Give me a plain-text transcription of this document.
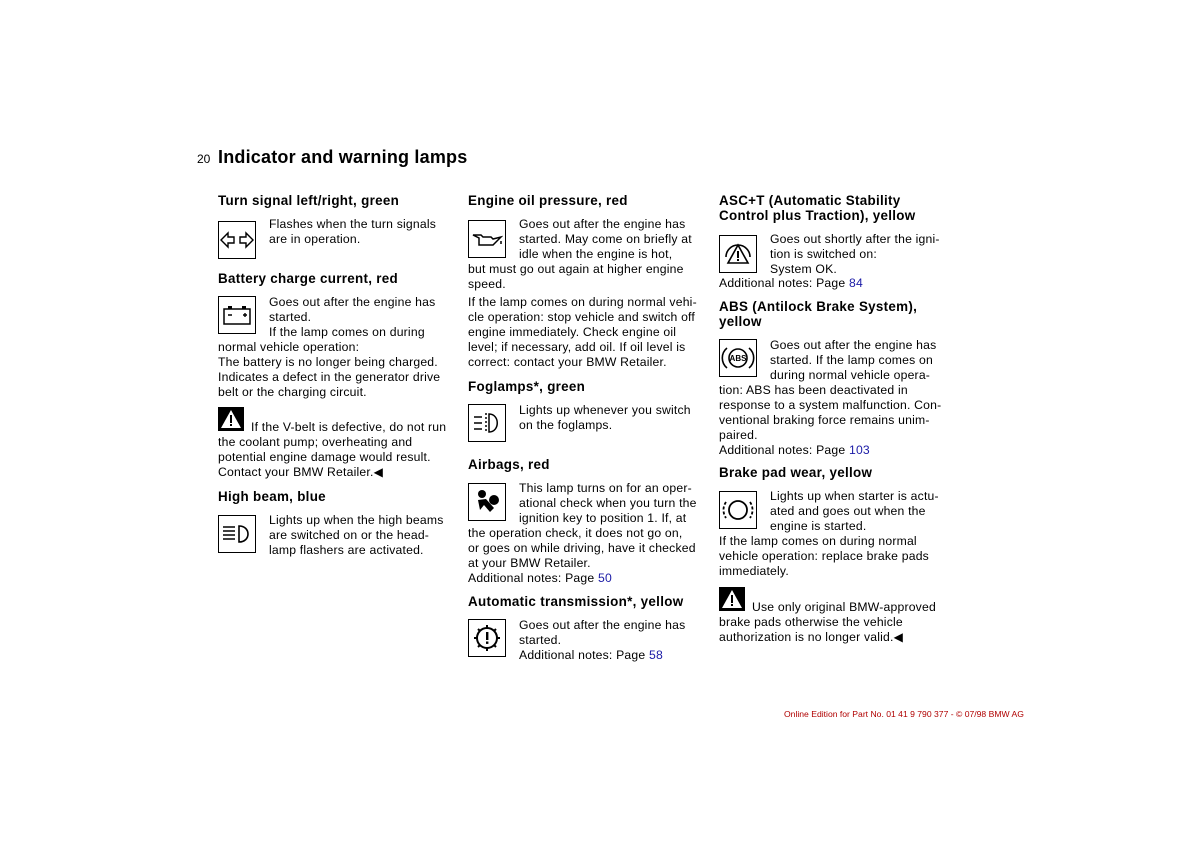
20 Indicator and warning lamps

Turn signal left/right, green

Flashes when the turn signals

are in operation.

Battery charge current, red

Goes out after the engine has

started.

If the lamp comes on during

normal vehicle operation:

The battery is no longer being charged.

Indicates a defect in the generator drive

belt or the charging circuit.

If the V-belt is defective, do not run

the coolant pump; overheating and

potential engine damage would result.

Contact your BMW Retailer.◀

High beam, blue

Lights up when the high beams

are switched on or the head-

lamp flashers are activated.

Engine oil pressure, red

Goes out after the engine has

started. May come on briefly at

idle when the engine is hot,

but must go out again at higher engine

speed.

If the lamp comes on during normal vehi-

cle operation: stop vehicle and switch off

engine immediately. Check engine oil

level; if necessary, add oil. If oil level is

correct: contact your BMW Retailer.

Foglamps*, green

Lights up whenever you switch

on the foglamps.

Airbags, red

This lamp turns on for an oper-

ational check when you turn the

ignition key to position 1. If, at

the operation check, it does not go on,

or goes on while driving, have it checked

at your BMW Retailer.

Additional notes: Page 50

Automatic transmission*, yellow

Goes out after the engine has

started.

Additional notes: Page 58

ASC+T (Automatic Stability

Control plus Traction), yellow

Goes out shortly after the igni-

tion is switched on:

System OK.

Additional notes: Page 84

ABS (Antilock Brake System),

yellow

ABS

Goes out after the engine has

started. If the lamp comes on

during normal vehicle opera-

tion: ABS has been deactivated in

response to a system malfunction. Con-

ventional braking force remains unim-

paired.

Additional notes: Page 103

Brake pad wear, yellow

Lights up when starter is actu-

ated and goes out when the

engine is started.

If the lamp comes on during normal

vehicle operation: replace brake pads

immediately.

Use only original BMW-approved

brake pads otherwise the vehicle

authorization is no longer valid.◀

Online Edition for Part No. 01 41 9 790 377 - © 07/98 BMW AG
